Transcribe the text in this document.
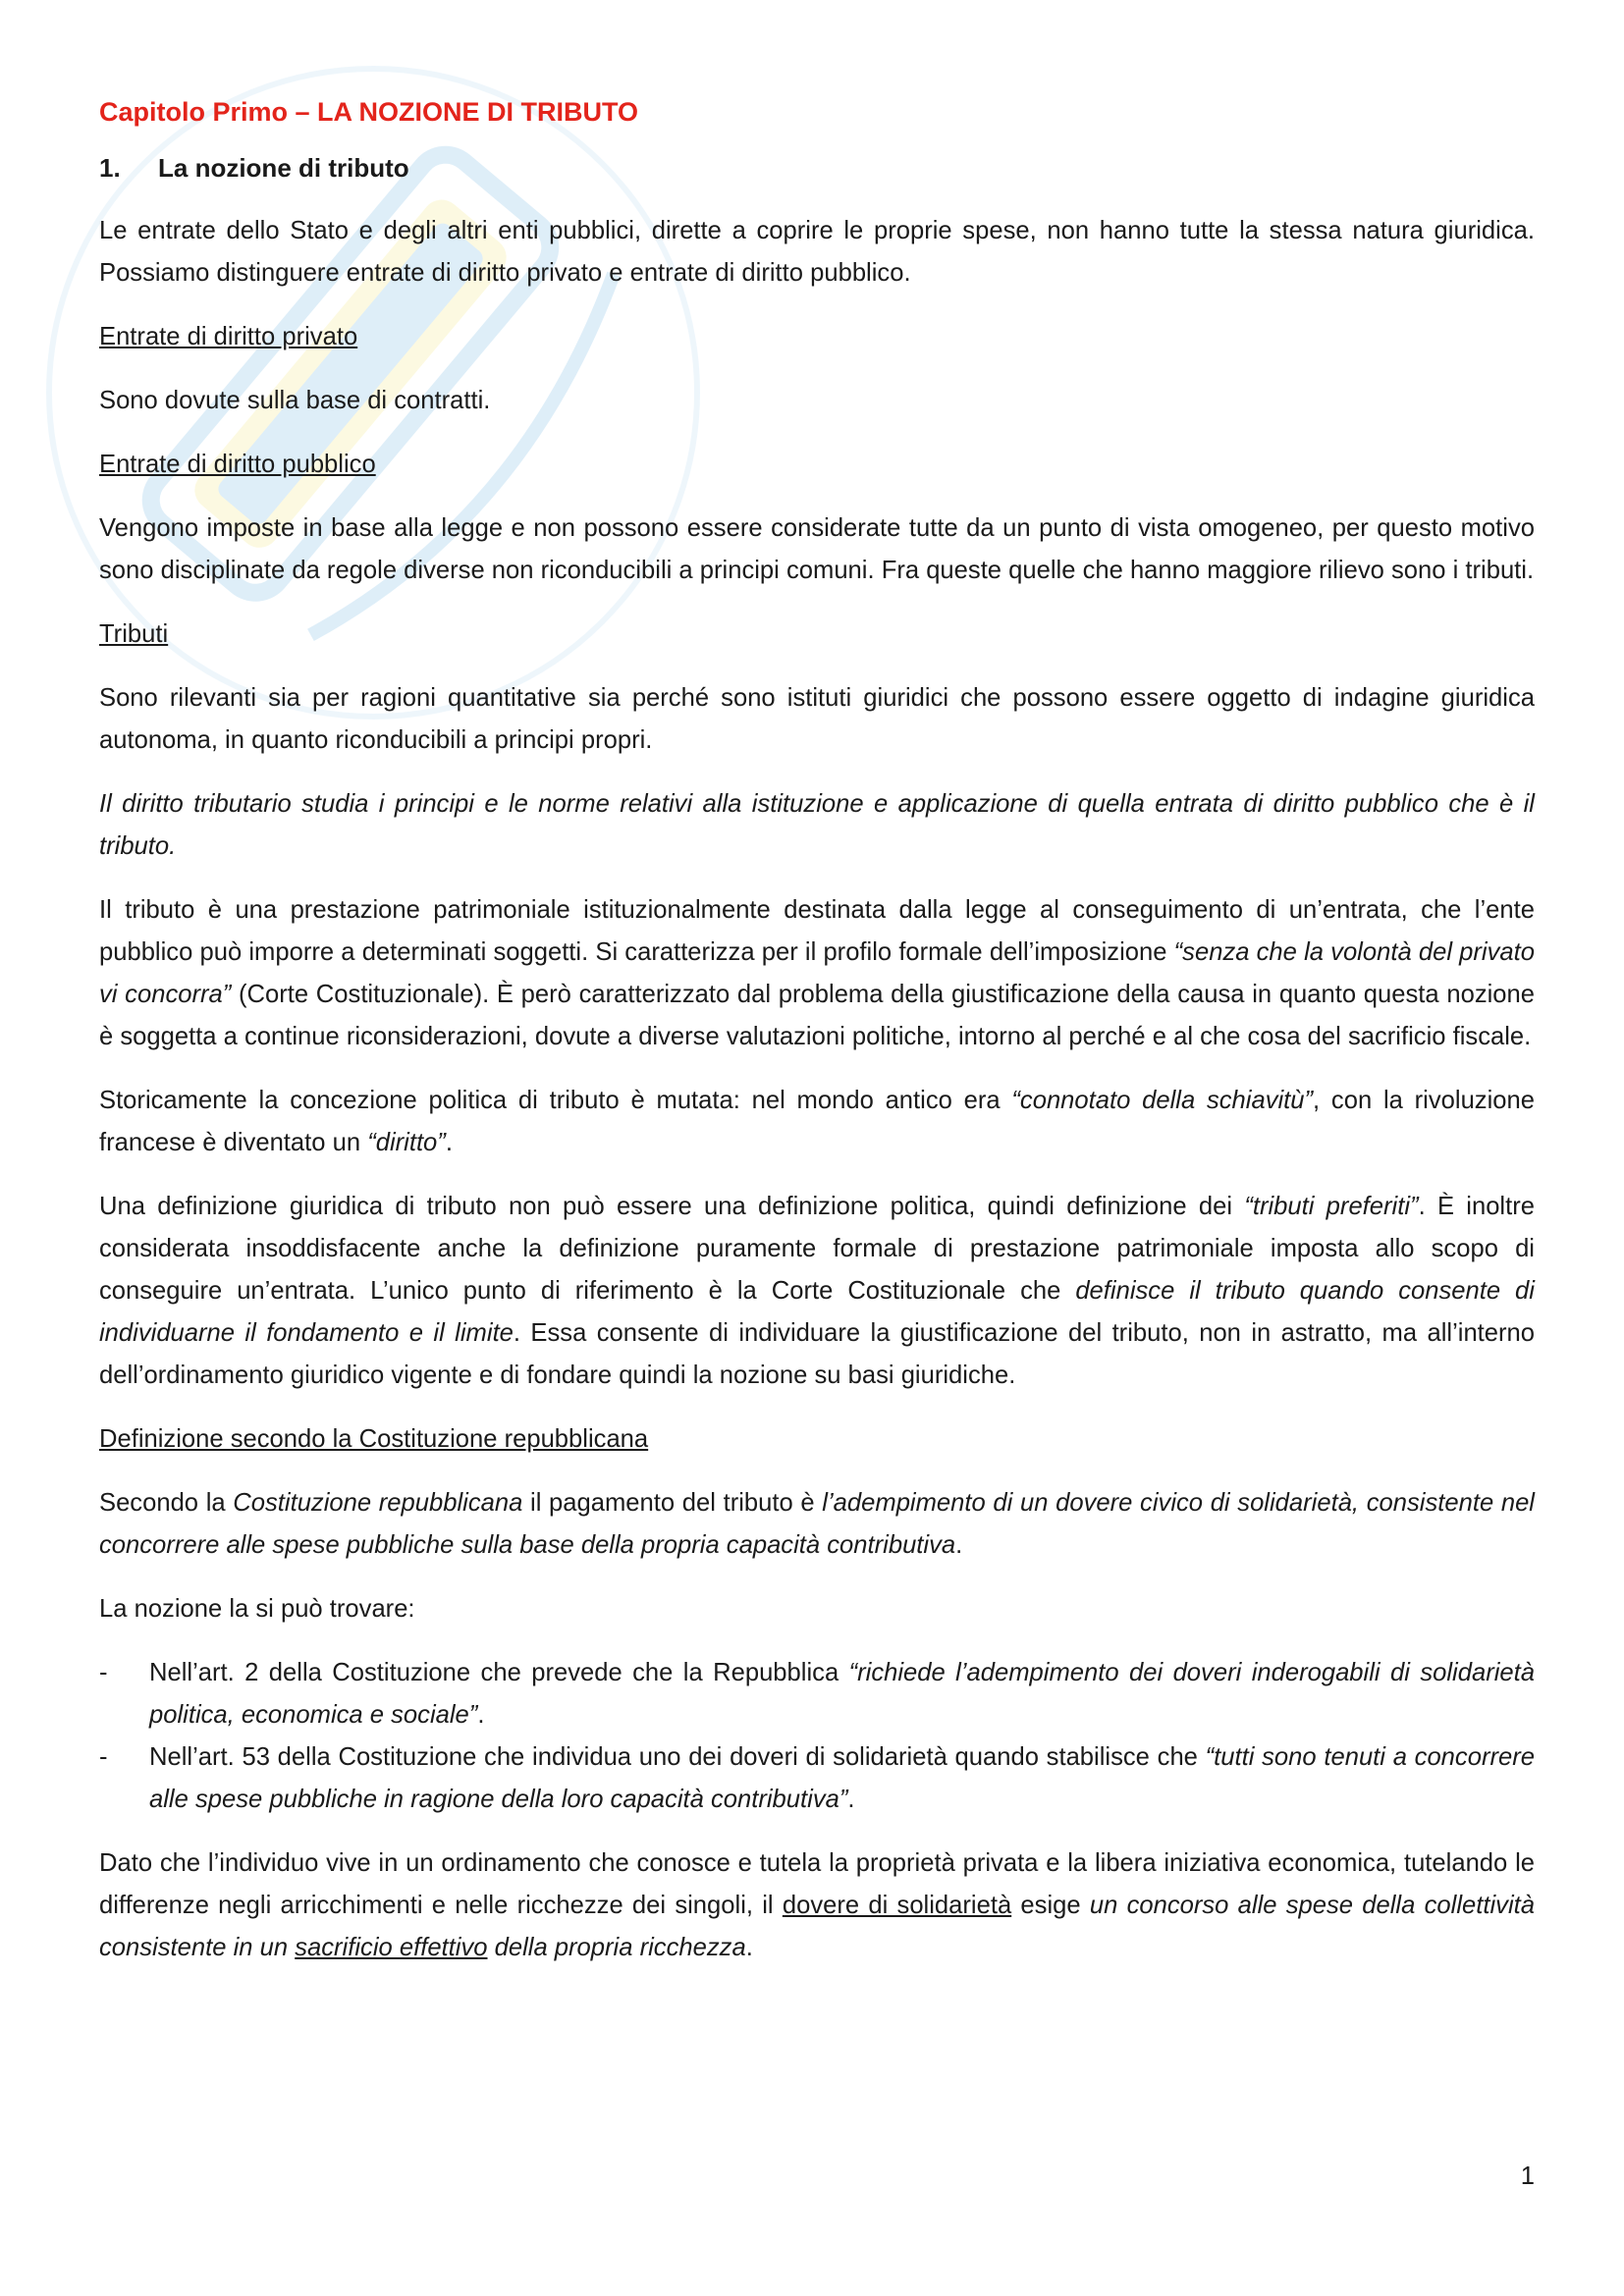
Capitolo Primo – LA NOZIONE DI TRIBUTO
1. La nozione di tributo

Le entrate dello Stato e degli altri enti pubblici, dirette a coprire le proprie spese, non hanno tutte la stessa natura giuridica. Possiamo distinguere entrate di diritto privato e entrate di diritto pubblico.

Entrate di diritto privato

Sono dovute sulla base di contratti.

Entrate di diritto pubblico

Vengono imposte in base alla legge e non possono essere considerate tutte da un punto di vista omogeneo, per questo motivo sono disciplinate da regole diverse non riconducibili a principi comuni. Fra queste quelle che hanno maggiore rilievo sono i tributi.

Tributi

Sono rilevanti sia per ragioni quantitative sia perché sono istituti giuridici che possono essere oggetto di indagine giuridica autonoma, in quanto riconducibili a principi propri.

Il diritto tributario studia i principi e le norme relativi alla istituzione e applicazione di quella entrata di diritto pubblico che è il tributo.

Il tributo è una prestazione patrimoniale istituzionalmente destinata dalla legge al conseguimento di un’entrata, che l’ente pubblico può imporre a determinati soggetti. Si caratterizza per il profilo formale dell’imposizione “senza che la volontà del privato vi concorra” (Corte Costituzionale). È però caratterizzato dal problema della giustificazione della causa in quanto questa nozione è soggetta a continue riconsiderazioni, dovute a diverse valutazioni politiche, intorno al perché e al che cosa del sacrificio fiscale.

Storicamente la concezione politica di tributo è mutata: nel mondo antico era “connotato della schiavitù”, con la rivoluzione francese è diventato un “diritto”.

Una definizione giuridica di tributo non può essere una definizione politica, quindi definizione dei “tributi preferiti”. È inoltre considerata insoddisfacente anche la definizione puramente formale di prestazione patrimoniale imposta allo scopo di conseguire un’entrata. L’unico punto di riferimento è la Corte Costituzionale che definisce il tributo quando consente di individuarne il fondamento e il limite. Essa consente di individuare la giustificazione del tributo, non in astratto, ma all’interno dell’ordinamento giuridico vigente e di fondare quindi la nozione su basi giuridiche.

Definizione secondo la Costituzione repubblicana

Secondo la Costituzione repubblicana il pagamento del tributo è l’adempimento di un dovere civico di solidarietà, consistente nel concorrere alle spese pubbliche sulla base della propria capacità contributiva.

La nozione la si può trovare:

- Nell’art. 2 della Costituzione che prevede che la Repubblica “richiede l’adempimento dei doveri inderogabili di solidarietà politica, economica e sociale”.
- Nell’art. 53 della Costituzione che individua uno dei doveri di solidarietà quando stabilisce che “tutti sono tenuti a concorrere alle spese pubbliche in ragione della loro capacità contributiva”.

Dato che l’individuo vive in un ordinamento che conosce e tutela la proprietà privata e la libera iniziativa economica, tutelando le differenze negli arricchimenti e nelle ricchezze dei singoli, il dovere di solidarietà esige un concorso alle spese della collettività consistente in un sacrificio effettivo della propria ricchezza.

1
